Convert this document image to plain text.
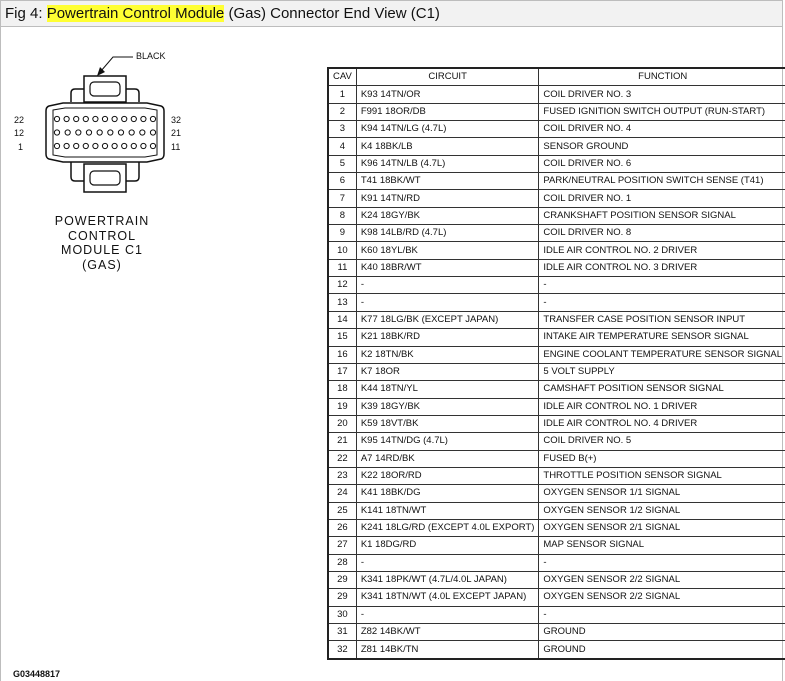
Fig 4: Powertrain Control Module (Gas) Connector End View (C1)
BLACK
22
12
1
32
21
11
POWERTRAIN
CONTROL
MODULE C1
(GAS)
CAV	CIRCUIT	FUNCTION
1	K93 14TN/OR	COIL DRIVER NO. 3
2	F991 18OR/DB	FUSED IGNITION SWITCH OUTPUT (RUN-START)
3	K94 14TN/LG (4.7L)	COIL DRIVER NO. 4
4	K4 18BK/LB	SENSOR GROUND
5	K96 14TN/LB (4.7L)	COIL DRIVER NO. 6
6	T41 18BK/WT	PARK/NEUTRAL POSITION SWITCH SENSE (T41)
7	K91 14TN/RD	COIL DRIVER NO. 1
8	K24 18GY/BK	CRANKSHAFT POSITION SENSOR SIGNAL
9	K98 14LB/RD (4.7L)	COIL DRIVER NO. 8
10	K60 18YL/BK	IDLE AIR CONTROL NO. 2 DRIVER
11	K40 18BR/WT	IDLE AIR CONTROL NO. 3 DRIVER
12	-	-
13	-	-
14	K77 18LG/BK (EXCEPT JAPAN)	TRANSFER CASE POSITION SENSOR INPUT
15	K21 18BK/RD	INTAKE AIR TEMPERATURE SENSOR SIGNAL
16	K2 18TN/BK	ENGINE COOLANT TEMPERATURE SENSOR SIGNAL
17	K7 18OR	5 VOLT SUPPLY
18	K44 18TN/YL	CAMSHAFT POSITION SENSOR SIGNAL
19	K39 18GY/BK	IDLE AIR CONTROL NO. 1 DRIVER
20	K59 18VT/BK	IDLE AIR CONTROL NO. 4 DRIVER
21	K95 14TN/DG (4.7L)	COIL DRIVER NO. 5
22	A7 14RD/BK	FUSED B(+)
23	K22 18OR/RD	THROTTLE POSITION SENSOR SIGNAL
24	K41 18BK/DG	OXYGEN SENSOR 1/1 SIGNAL
25	K141 18TN/WT	OXYGEN SENSOR 1/2 SIGNAL
26	K241 18LG/RD (EXCEPT 4.0L EXPORT)	OXYGEN SENSOR 2/1 SIGNAL
27	K1 18DG/RD	MAP SENSOR SIGNAL
28	-	-
29	K341 18PK/WT (4.7L/4.0L JAPAN)	OXYGEN SENSOR 2/2 SIGNAL
29	K341 18TN/WT (4.0L EXCEPT JAPAN)	OXYGEN SENSOR 2/2 SIGNAL
30	-	-
31	Z82 14BK/WT	GROUND
32	Z81 14BK/TN	GROUND
G03448817
